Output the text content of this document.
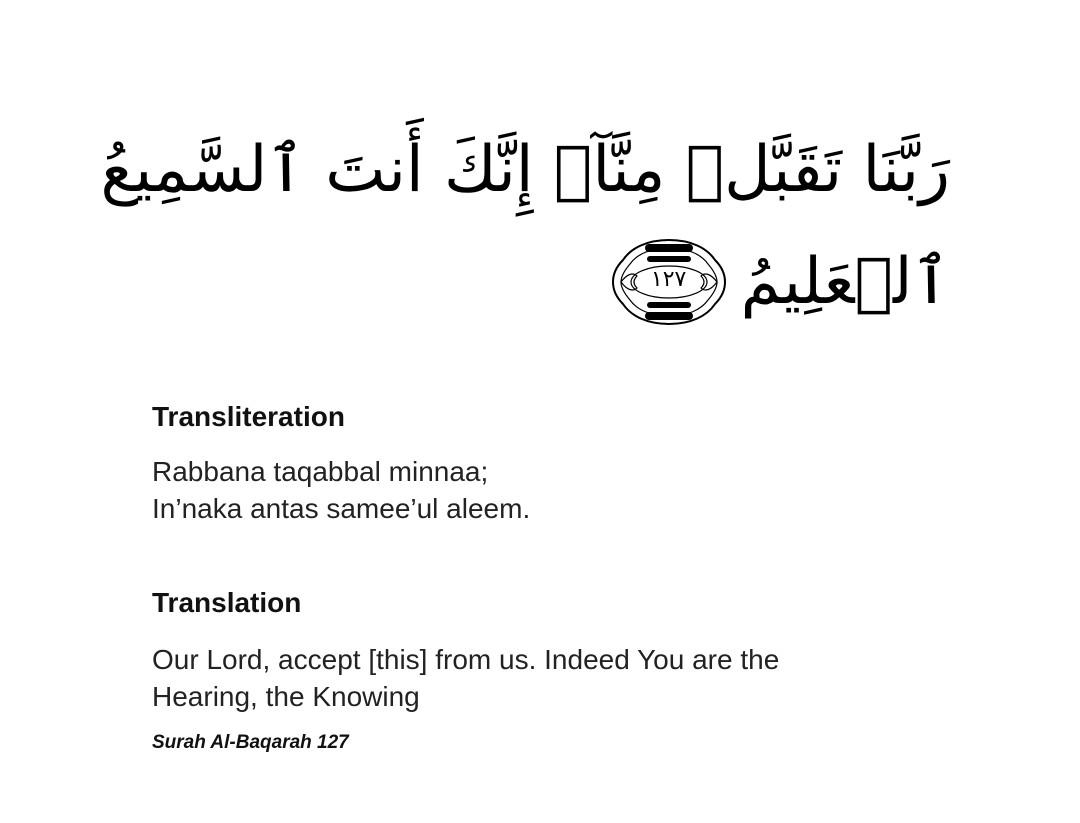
رَبَّنَا تَقَبَّلۡ مِنَّآۖ إِنَّكَ أَنتَ ٱلسَّمِيعُ
ٱلۡعَلِيمُ
١٢٧
Transliteration

Rabbana taqabbal minnaa;
In’naka antas samee’ul aleem.

Translation

Our Lord, accept [this] from us. Indeed You are the
Hearing, the Knowing

Surah Al-Baqarah 127
